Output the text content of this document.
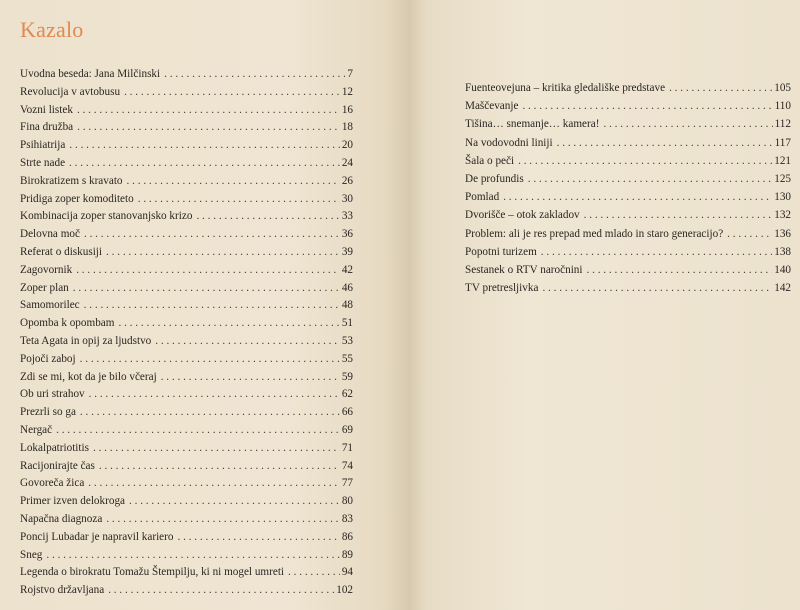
Kazalo
Uvodna beseda: Jana Milčinski . . .	7
Revolucija v avtobusu . . .	12
Vozni listek . . .	16
Fina družba . . .	18
Psihiatrija . . .	20
Strte nade . . .	24
Birokratizem s kravato . . .	26
Pridiga zoper komoditeto . . .	30
Kombinacija zoper stanovanjsko krizo . . .	33
Delovna moč . . .	36
Referat o diskusiji . . .	39
Zagovornik . . .	42
Zoper plan . . .	46
Samomorilec . . .	48
Opomba k opombam . . .	51
Teta Agata in opij za ljudstvo . . .	53
Pojoči zaboj . . .	55
Zdi se mi, kot da je bilo včeraj . . .	59
Ob uri strahov . . .	62
Prezrli so ga . . .	66
Nergač . . .	69
Lokalpatriotitis . . .	71
Racijonirajte čas . . .	74
Govoreča žica . . .	77
Primer izven delokroga . . .	80
Napačna diagnoza . . .	83
Poncij Lubadar je napravil kariero . . .	86
Sneg . . .	89
Legenda o birokratu Tomažu Štempilju, ki ni mogel umreti . . .	94
Rojstvo državljana . . .	102
Fuenteovejuna – kritika gledališke predstave . . .	105
Maščevanje . . .	110
Tišina… snemanje… kamera! . . .	112
Na vodovodni liniji . . .	117
Šala o peči . . .	121
De profundis . . .	125
Pomlad . . .	130
Dvorišče – otok zakladov . . .	132
Problem: ali je res prepad med mlado in staro generacijo? . . .	136
Popotni turizem . . .	138
Sestanek o RTV naročnini . . .	140
TV pretresljivka . . .	142
